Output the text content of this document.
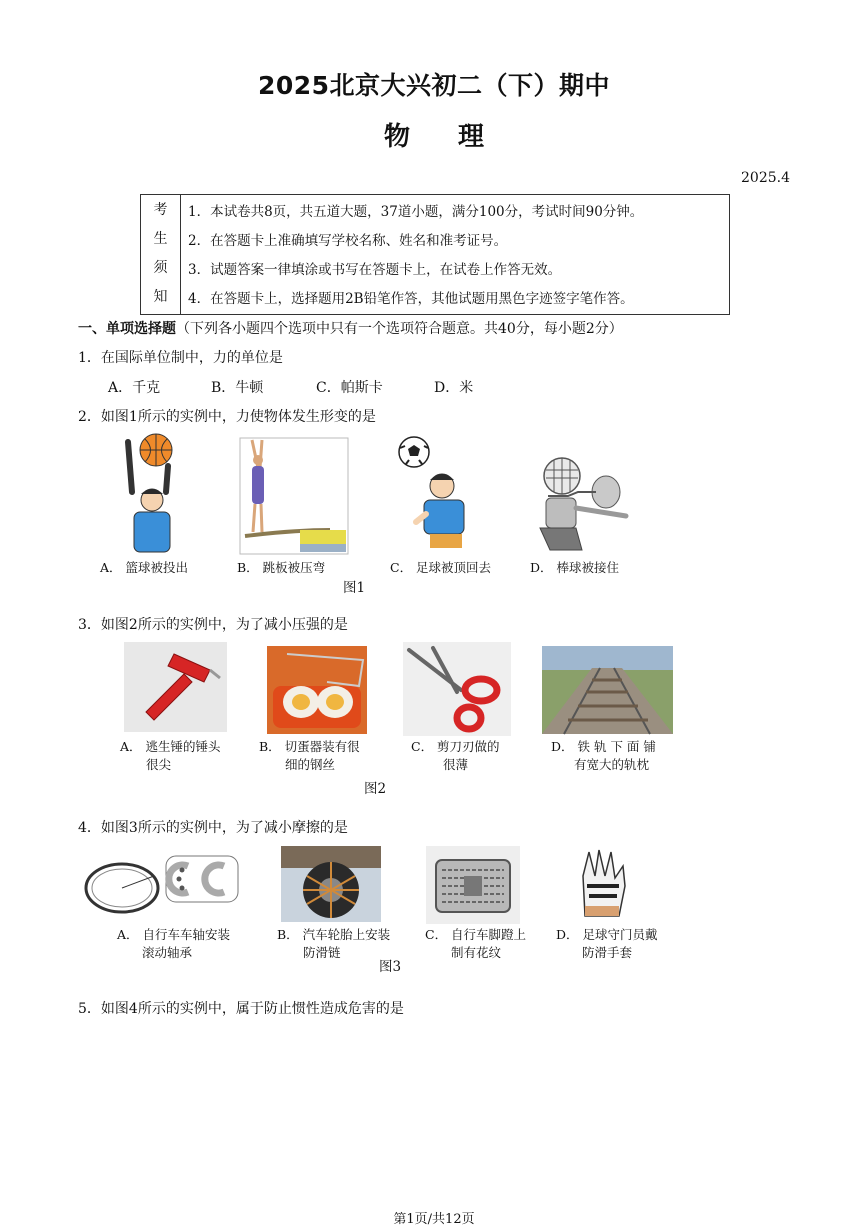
2025北京大兴初二（下）期中
物理
2025.4
考
生
须
知
1．本试卷共8页，共五道大题，37道小题，满分100分，考试时间90分钟。
2．在答题卡上准确填写学校名称、姓名和准考证号。
3．试题答案一律填涂或书写在答题卡上，在试卷上作答无效。
4．在答题卡上，选择题用2B铅笔作答，其他试题用黑色字迹签字笔作答。
一、单项选择题（下列各小题四个选项中只有一个选项符合题意。共40分，每小题2分）
1．在国际单位制中，力的单位是
A．千克	B．牛顿	C．帕斯卡	D．米
2．如图1所示的实例中，力使物体发生形变的是
A． 篮球被投出	B． 跳板被压弯	C． 足球被顶回去	D． 棒球被接住
图1
3．如图2所示的实例中，为了减小压强的是
A． 逃生锤的锤头
很尖
B． 切蛋器装有很
细的钢丝
C． 剪刀刃做的
很薄
D． 铁 轨 下 面 铺
有宽大的轨枕
图2
4．如图3所示的实例中，为了减小摩擦的是
A． 自行车车轴安装
滚动轴承
B． 汽车轮胎上安装
防滑链
C． 自行车脚蹬上
制有花纹
D． 足球守门员戴
防滑手套
图3
5．如图4所示的实例中，属于防止惯性造成危害的是
第1页/共12页
